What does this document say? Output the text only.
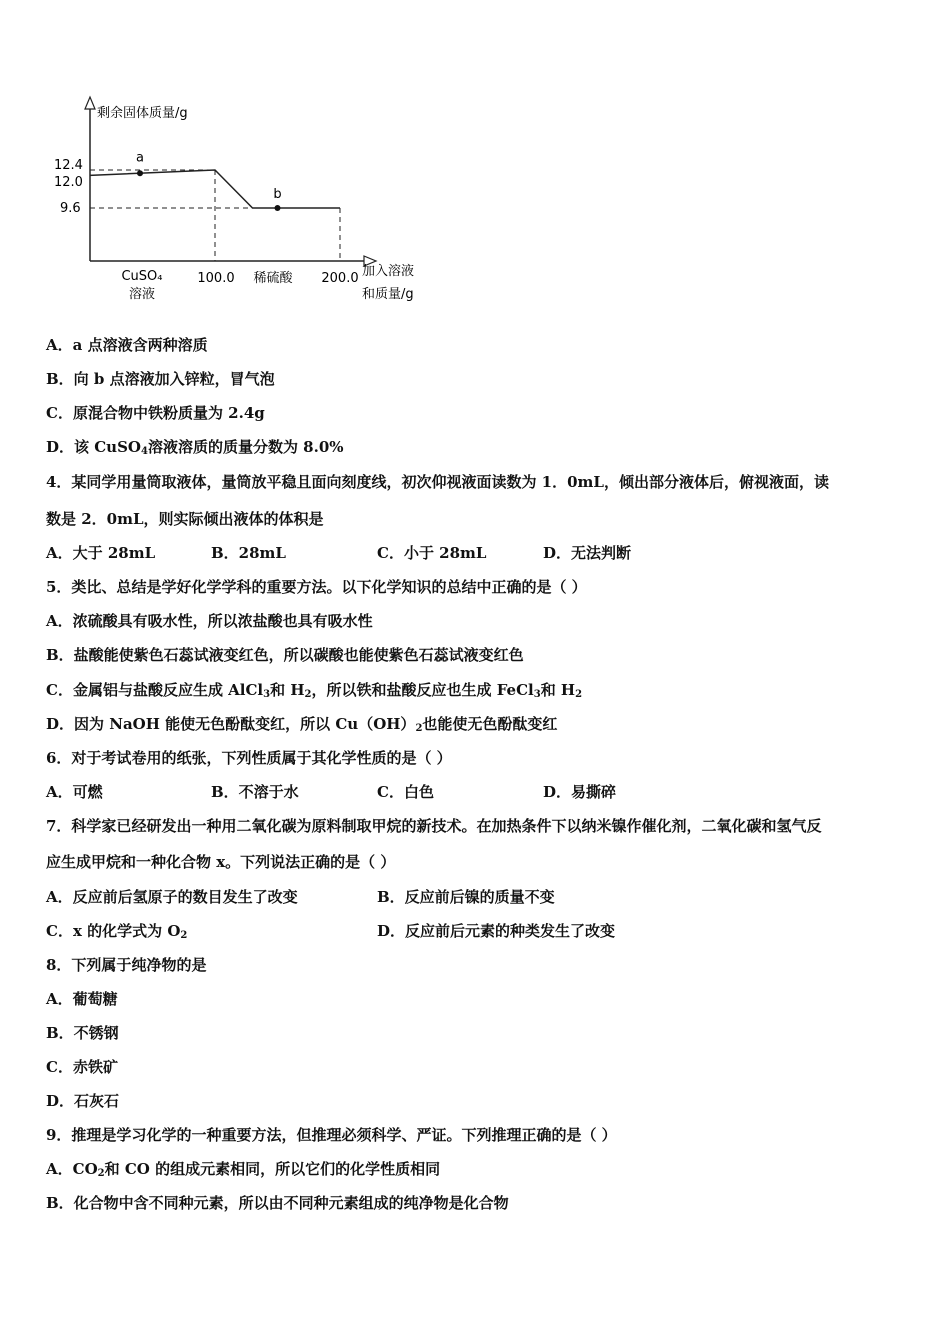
a
b
12.4
12.0
9.6
剩余固体质量/g
CuSO₄
溶液
100.0 稀硫酸 200.0 加入溶液
和质量/g
A．a 点溶液含两种溶质
B．向 b 点溶液加入锌粒，冒气泡
C．原混合物中铁粉质量为 2.4g
D．该 CuSO$_4$溶液溶质的质量分数为 8.0%
4．某同学用量筒取液体，量筒放平稳且面向刻度线，初次仰视液面读数为 1．0mL，倾出部分液体后，俯视液面，读
数是 2．0mL，则实际倾出液体的体积是
A．大于 28mL	B．28mL	C．小于 28mL	D．无法判断
5．类比、总结是学好化学学科的重要方法。以下化学知识的总结中正确的是（ ）
A．浓硫酸具有吸水性，所以浓盐酸也具有吸水性
B．盐酸能使紫色石蕊试液变红色，所以碳酸也能使紫色石蕊试液变红色
C．金属铝与盐酸反应生成 AlCl$_3$和 $H_2$，所以铁和盐酸反应也生成 FeCl$_3$和 $H_2$
D．因为 NaOH 能使无色酚酞变红，所以 $Cu(OH)_2$也能使无色酚酞变红
6．对于考试卷用的纸张，下列性质属于其化学性质的是（ ）
A．可燃	B．不溶于水	C．白色	D．易撕碎
7．科学家已经研发出一种用二氧化碳为原料制取甲烷的新技术。在加热条件下以纳米镍作催化剂，二氧化碳和氢气反
应生成甲烷和一种化合物 x。下列说法正确的是（ ）
A．反应前后氢原子的数目发生了改变	B．反应前后镍的质量不变
C．x 的化学式为 $O_2$	D．反应前后元素的种类发生了改变
8．下列属于纯净物的是
A．葡萄糖
B．不锈钢
C．赤铁矿
D．石灰石
9．推理是学习化学的一种重要方法，但推理必须科学、严证。下列推理正确的是（ ）
A．$CO_2$和 CO 的组成元素相同，所以它们的化学性质相同
B．化合物中含不同种元素，所以由不同种元素组成的纯净物是化合物
